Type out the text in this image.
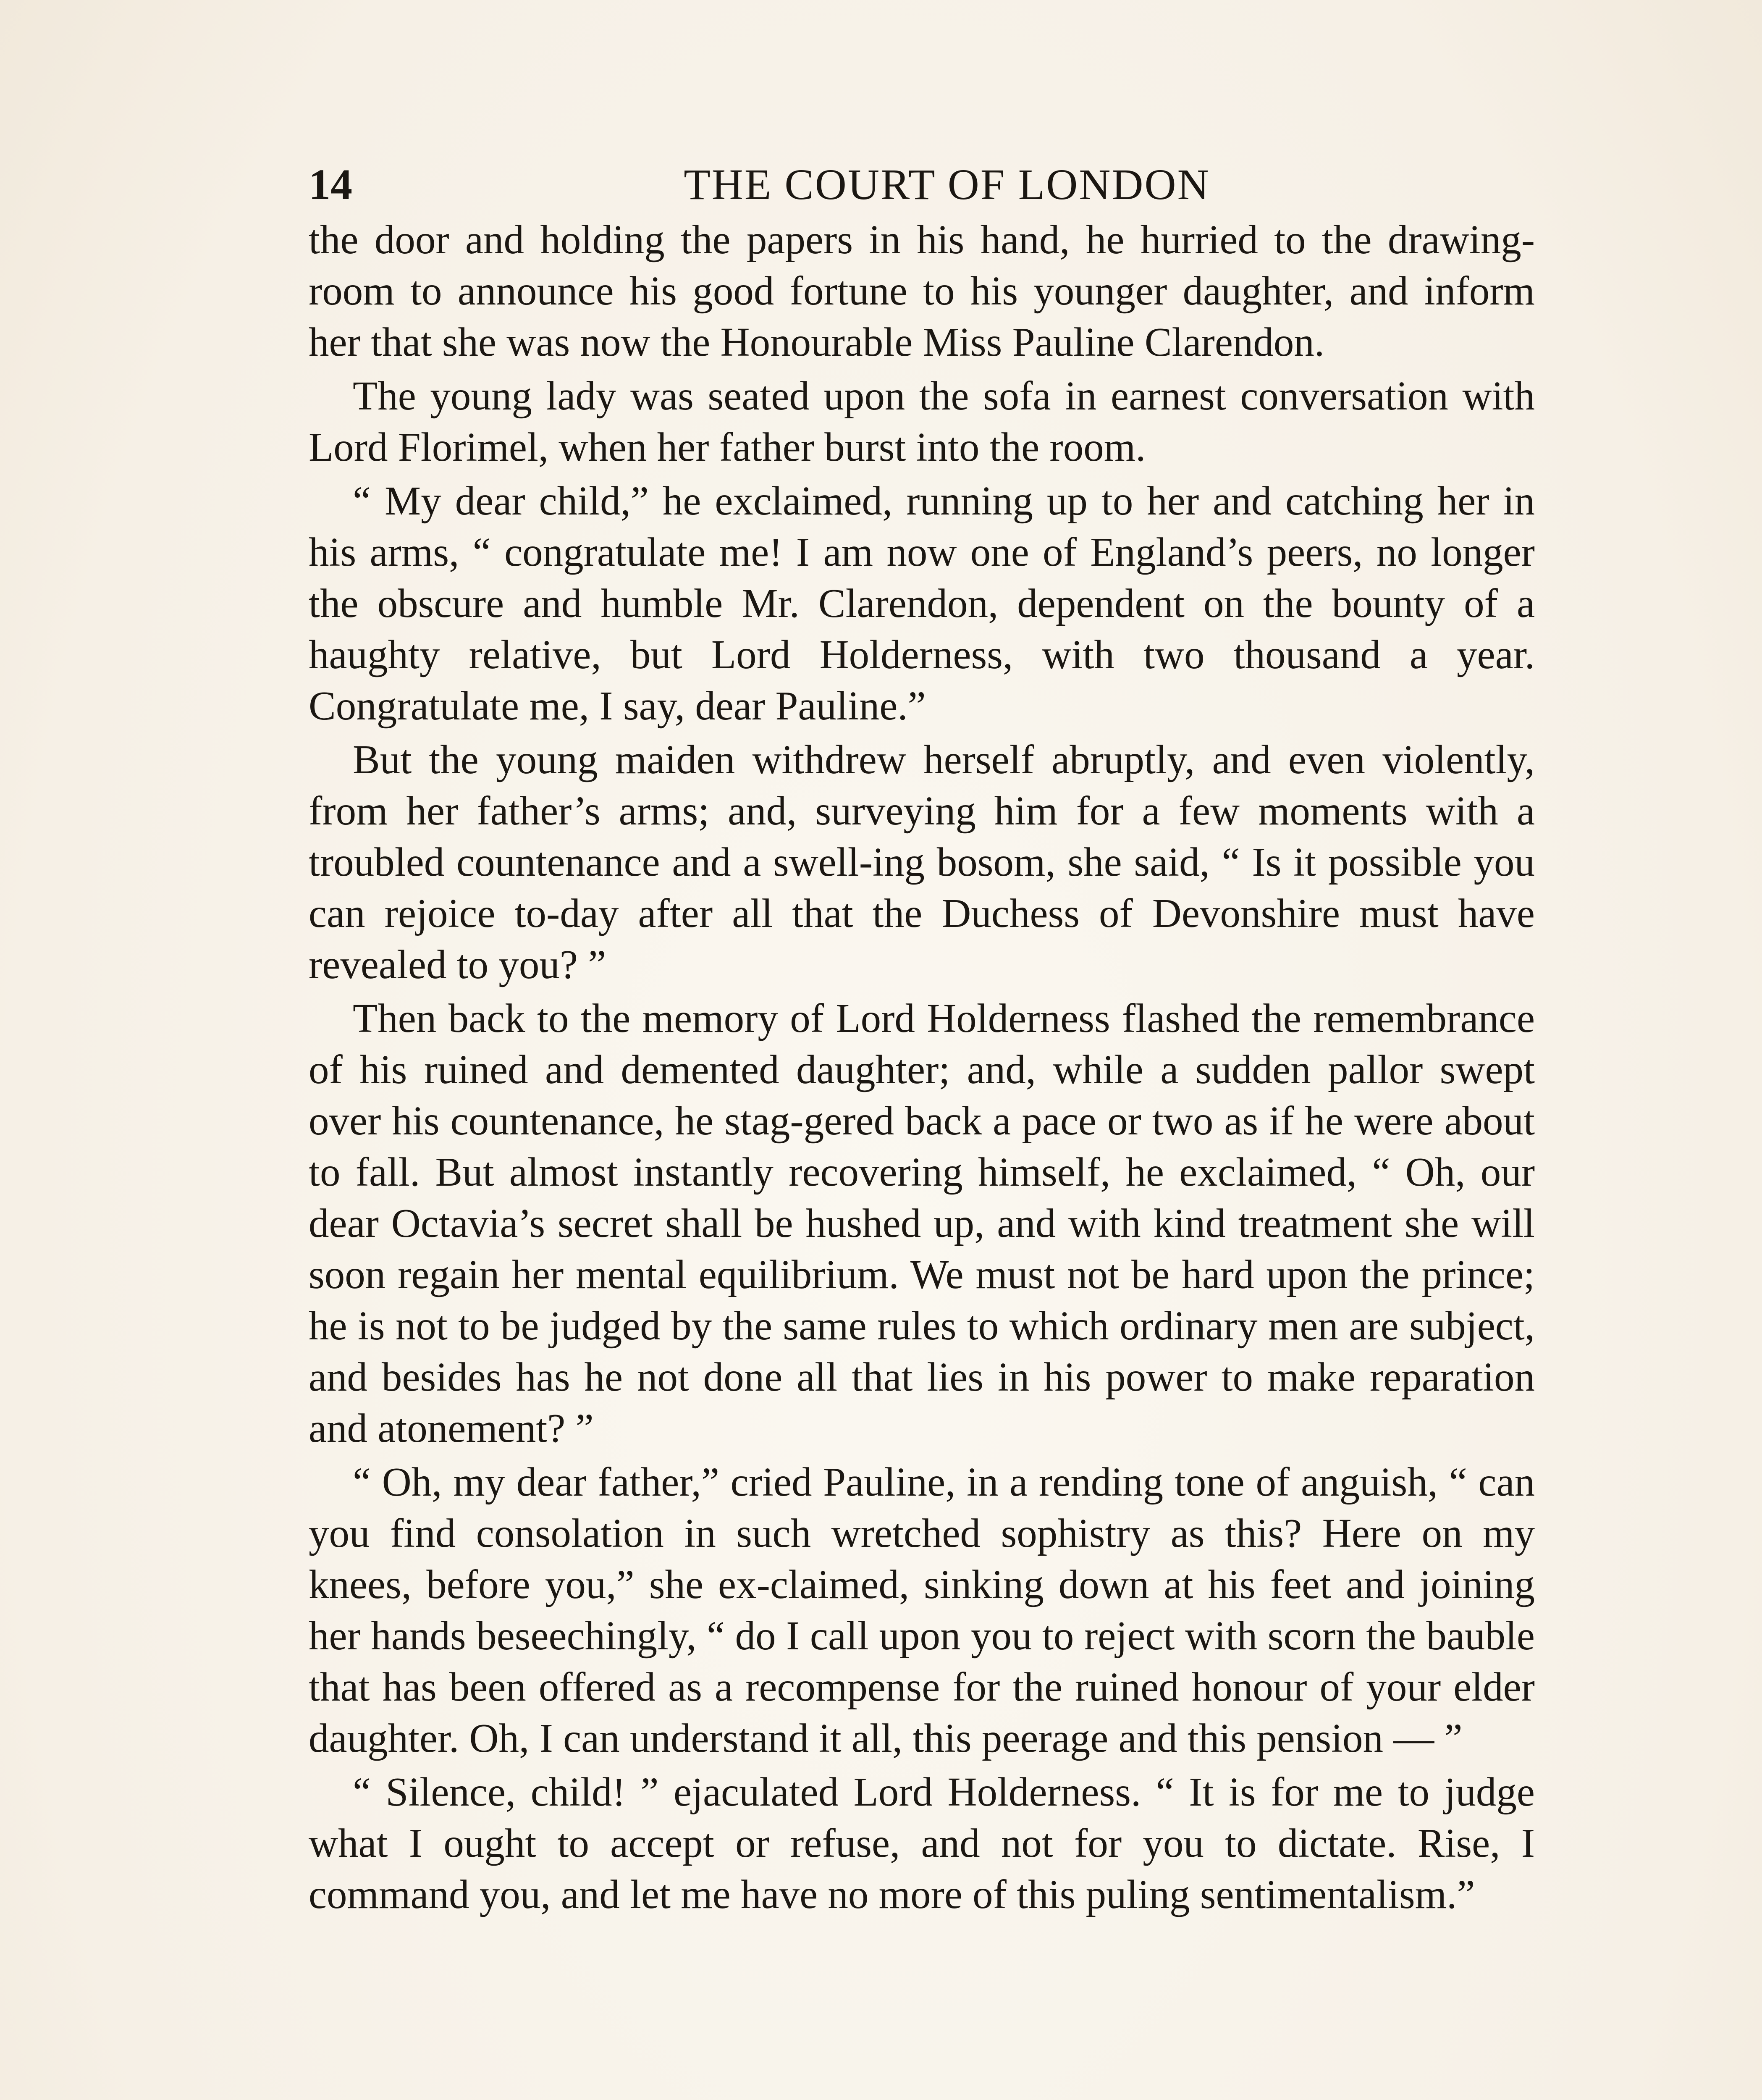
14	THE COURT OF LONDON

the door and holding the papers in his hand, he hurried to the drawing-room to announce his good fortune to his younger daughter, and inform her that she was now the Honourable Miss Pauline Clarendon.

The young lady was seated upon the sofa in earnest conversation with Lord Florimel, when her father burst into the room.

“ My dear child,” he exclaimed, running up to her and catching her in his arms, “ congratulate me! I am now one of England’s peers, no longer the obscure and humble Mr. Clarendon, dependent on the bounty of a haughty relative, but Lord Holderness, with two thousand a year. Congratulate me, I say, dear Pauline.”

But the young maiden withdrew herself abruptly, and even violently, from her father’s arms; and, surveying him for a few moments with a troubled countenance and a swell-ing bosom, she said, “ Is it possible you can rejoice to-day after all that the Duchess of Devonshire must have revealed to you? ”

Then back to the memory of Lord Holderness flashed the remembrance of his ruined and demented daughter; and, while a sudden pallor swept over his countenance, he stag-gered back a pace or two as if he were about to fall. But almost instantly recovering himself, he exclaimed, “ Oh, our dear Octavia’s secret shall be hushed up, and with kind treatment she will soon regain her mental equilibrium. We must not be hard upon the prince; he is not to be judged by the same rules to which ordinary men are subject, and besides has he not done all that lies in his power to make reparation and atonement? ”

“ Oh, my dear father,” cried Pauline, in a rending tone of anguish, “ can you find consolation in such wretched sophistry as this? Here on my knees, before you,” she ex-claimed, sinking down at his feet and joining her hands beseechingly, “ do I call upon you to reject with scorn the bauble that has been offered as a recompense for the ruined honour of your elder daughter. Oh, I can understand it all, this peerage and this pension — ”

“ Silence, child! ” ejaculated Lord Holderness. “ It is for me to judge what I ought to accept or refuse, and not for you to dictate. Rise, I command you, and let me have no more of this puling sentimentalism.”
